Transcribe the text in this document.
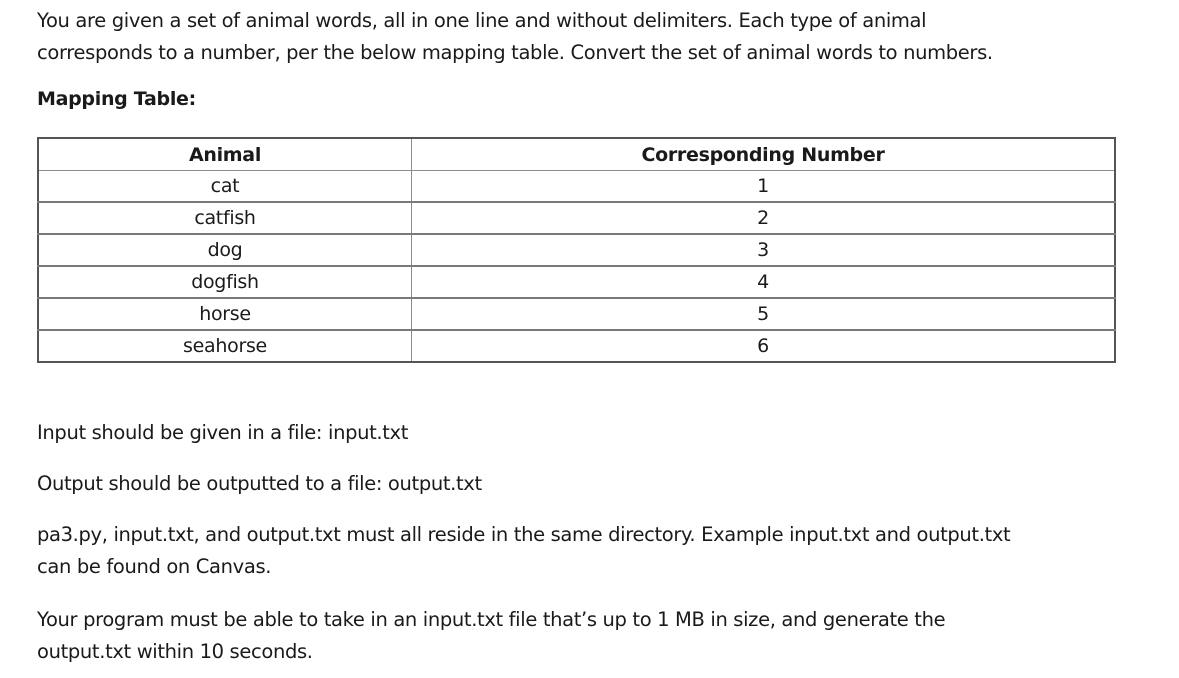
You are given a set of animal words, all in one line and without delimiters. Each type of animal
corresponds to a number, per the below mapping table. Convert the set of animal words to numbers.

Mapping Table:

Animal	Corresponding Number
cat	1
catfish	2
dog	3
dogfish	4
horse	5
seahorse	6

Input should be given in a file: input.txt

Output should be outputted to a file: output.txt

pa3.py, input.txt, and output.txt must all reside in the same directory. Example input.txt and output.txt
can be found on Canvas.

Your program must be able to take in an input.txt file that’s up to 1 MB in size, and generate the
output.txt within 10 seconds.
